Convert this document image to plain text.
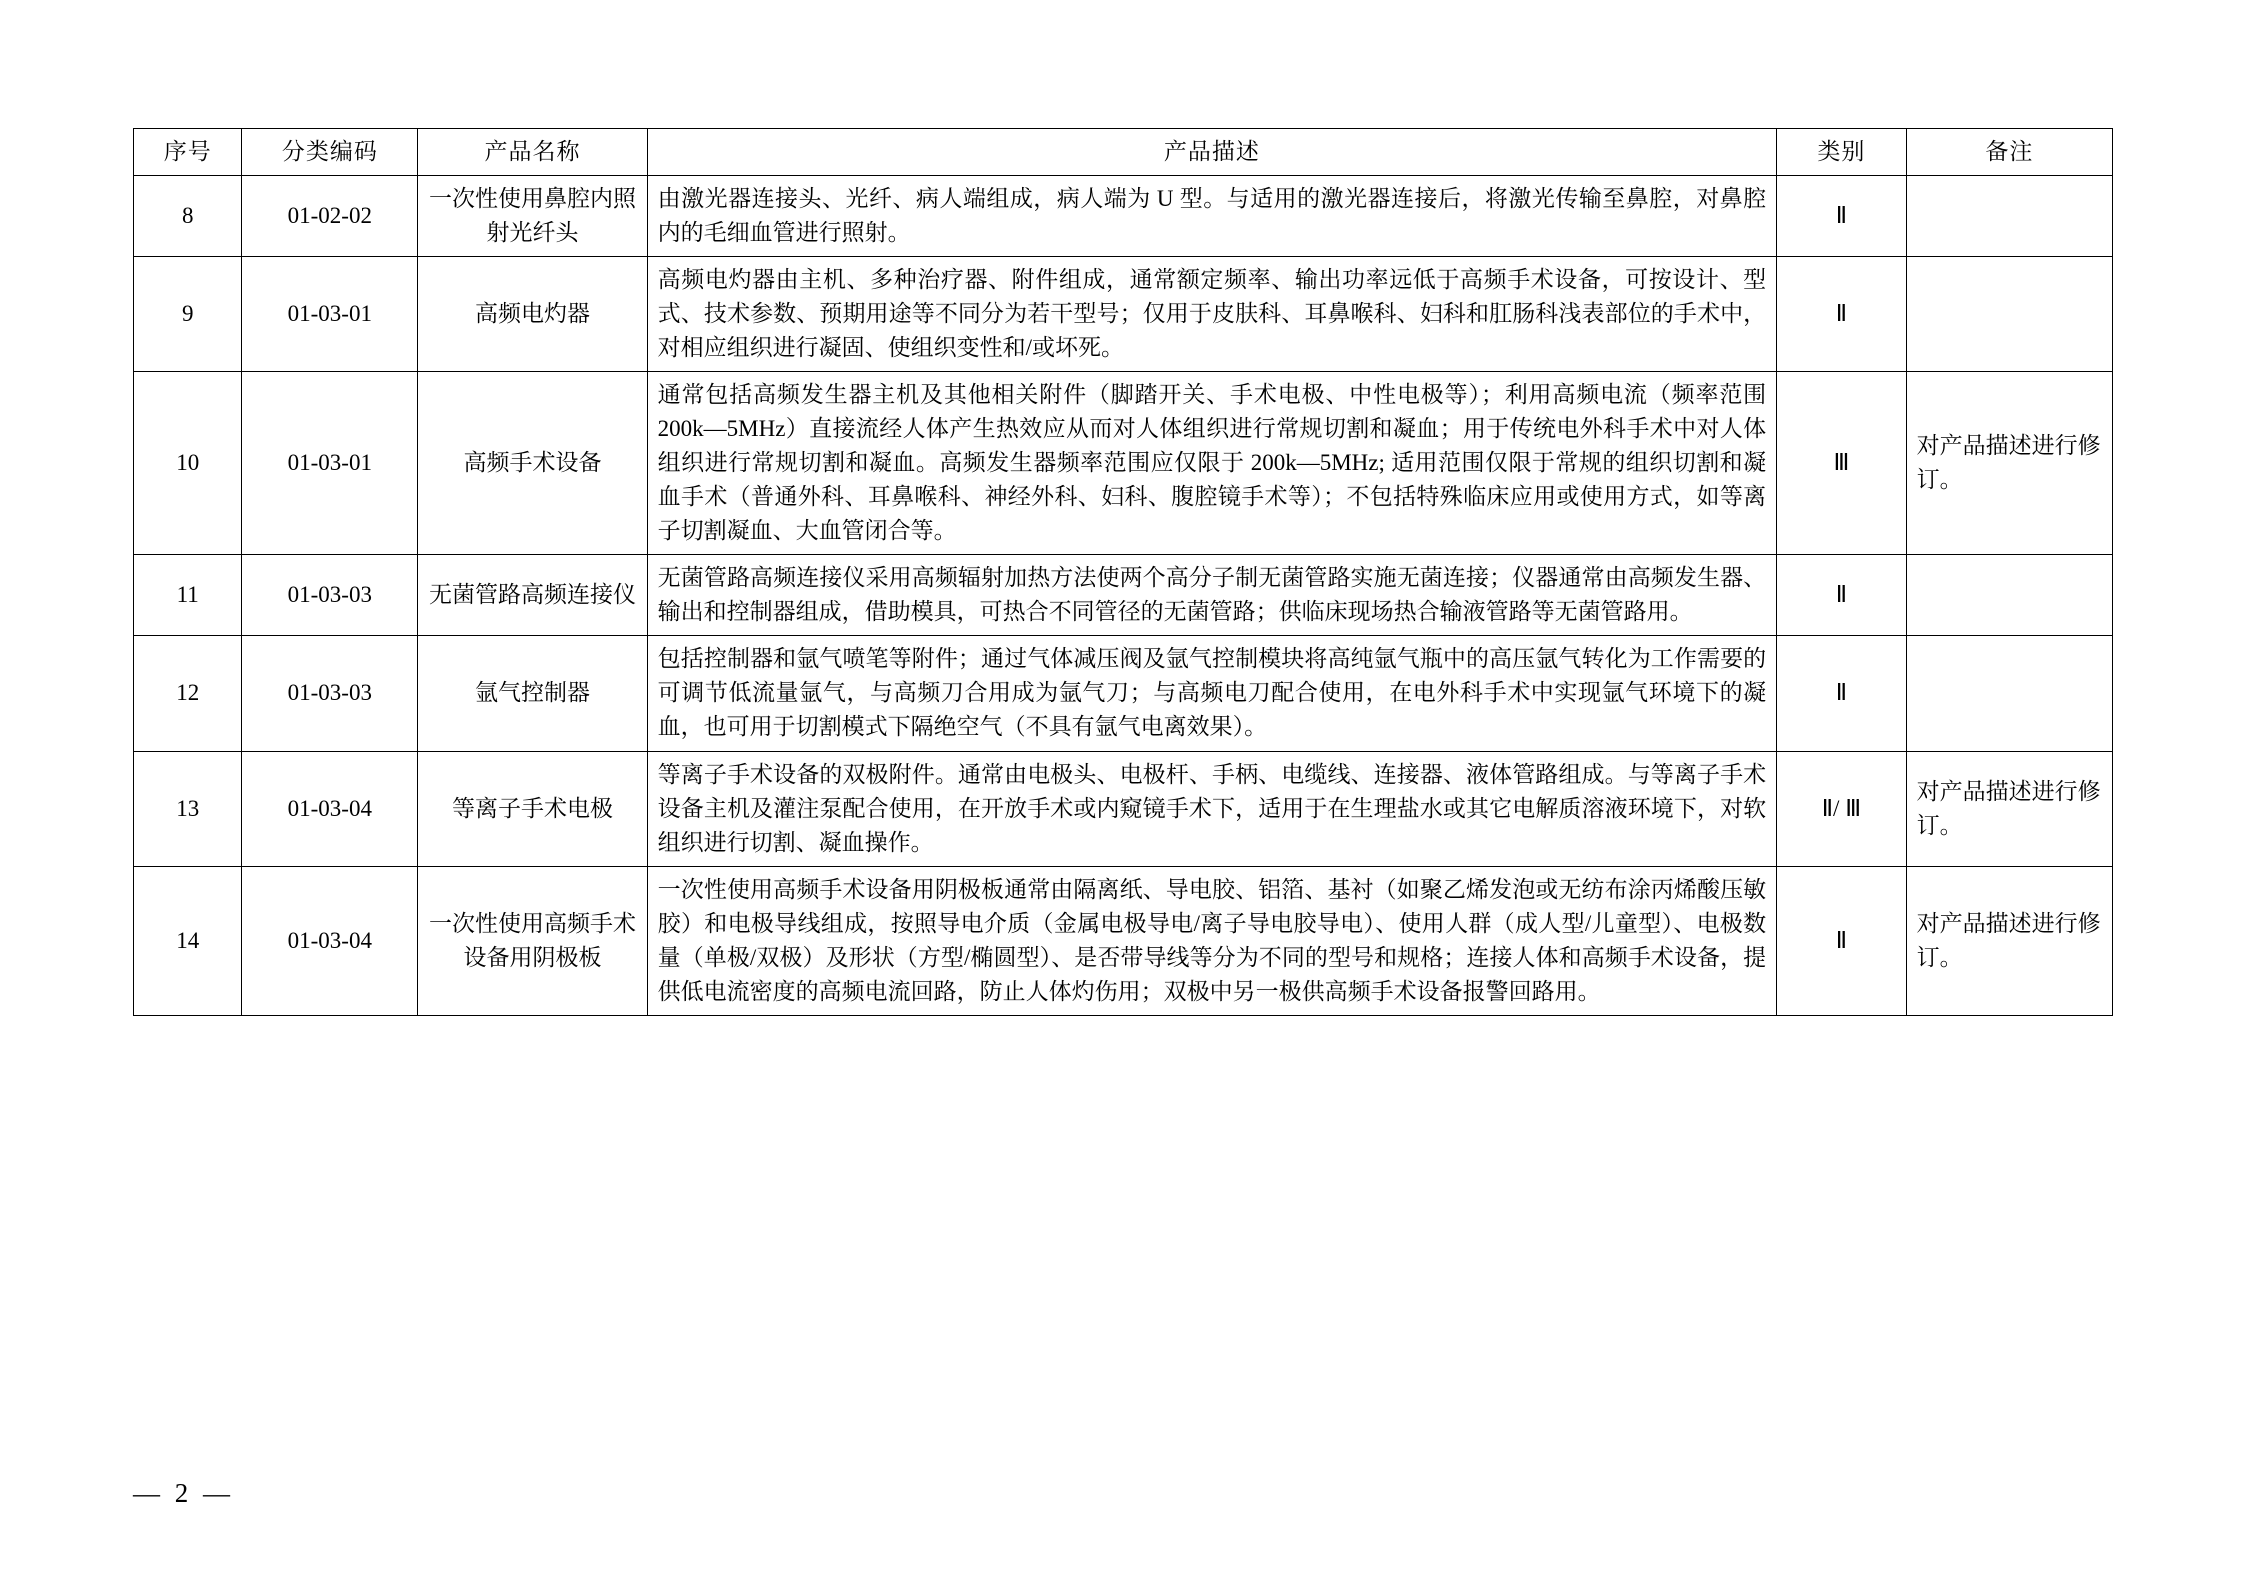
序号	分类编码	产品名称	产品描述	类别	备注
8	01-02-02	一次性使用鼻腔内照射光纤头	由激光器连接头、光纤、病人端组成，病人端为 U 型。与适用的激光器连接后，将激光传输至鼻腔，对鼻腔内的毛细血管进行照射。	Ⅱ	
9	01-03-01	高频电灼器	高频电灼器由主机、多种治疗器、附件组成，通常额定频率、输出功率远低于高频手术设备，可按设计、型式、技术参数、预期用途等不同分为若干型号；仅用于皮肤科、耳鼻喉科、妇科和肛肠科浅表部位的手术中，对相应组织进行凝固、使组织变性和/或坏死。	Ⅱ	
10	01-03-01	高频手术设备	通常包括高频发生器主机及其他相关附件（脚踏开关、手术电极、中性电极等）；利用高频电流（频率范围 200k—5MHz）直接流经人体产生热效应从而对人体组织进行常规切割和凝血；用于传统电外科手术中对人体组织进行常规切割和凝血。高频发生器频率范围应仅限于 200k—5MHz; 适用范围仅限于常规的组织切割和凝血手术（普通外科、耳鼻喉科、神经外科、妇科、腹腔镜手术等）；不包括特殊临床应用或使用方式，如等离子切割凝血、大血管闭合等。	Ⅲ	对产品描述进行修订。
11	01-03-03	无菌管路高频连接仪	无菌管路高频连接仪采用高频辐射加热方法使两个高分子制无菌管路实施无菌连接；仪器通常由高频发生器、输出和控制器组成，借助模具，可热合不同管径的无菌管路；供临床现场热合输液管路等无菌管路用。	Ⅱ	
12	01-03-03	氩气控制器	包括控制器和氩气喷笔等附件；通过气体减压阀及氩气控制模块将高纯氩气瓶中的高压氩气转化为工作需要的可调节低流量氩气，与高频刀合用成为氩气刀；与高频电刀配合使用，在电外科手术中实现氩气环境下的凝血，也可用于切割模式下隔绝空气（不具有氩气电离效果）。	Ⅱ	
13	01-03-04	等离子手术电极	等离子手术设备的双极附件。通常由电极头、电极杆、手柄、电缆线、连接器、液体管路组成。与等离子手术设备主机及灌注泵配合使用，在开放手术或内窥镜手术下，适用于在生理盐水或其它电解质溶液环境下，对软组织进行切割、凝血操作。	Ⅱ/ Ⅲ	对产品描述进行修订。
14	01-03-04	一次性使用高频手术设备用阴极板	一次性使用高频手术设备用阴极板通常由隔离纸、导电胶、铝箔、基衬（如聚乙烯发泡或无纺布涂丙烯酸压敏胶）和电极导线组成，按照导电介质（金属电极导电/离子导电胶导电）、使用人群（成人型/儿童型）、电极数量（单极/双极）及形状（方型/椭圆型）、是否带导线等分为不同的型号和规格；连接人体和高频手术设备，提供低电流密度的高频电流回路，防止人体灼伤用；双极中另一极供高频手术设备报警回路用。	Ⅱ	对产品描述进行修订。
— 2 —
